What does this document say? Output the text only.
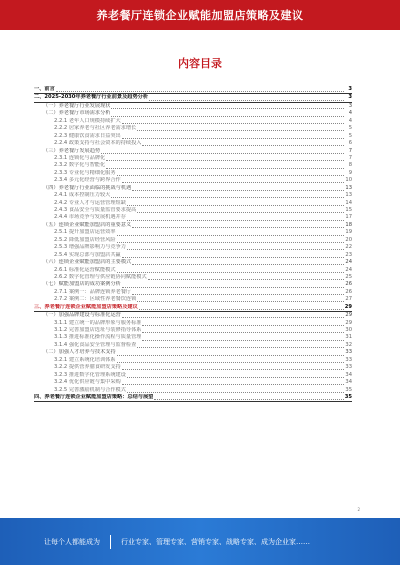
养老餐厅连锁企业赋能加盟店策略及建议
内容目录
一、前言	3
二、2025-2030年养老餐厅行业前景及趋势分析	3
（一）养老餐厅行业发展现状	3
（二）养老餐厅市场需求分析	4
2.2.1 老年人口规模持续扩大	4
2.2.2 居家养老与社区养老需求增长	5
2.2.3 健康饮食需求日益突出	5
2.2.4 政策支持与社会资本的持续投入	6
（三）养老餐厅发展趋势	7
2.3.1 连锁化与品牌化	7
2.3.2 数字化与智能化	8
2.3.3 专业化与精细化服务	9
2.3.4 多元化经营与跨界合作	10
（四）养老餐厅行业面临的挑战与机遇	13
2.4.1 成本控制压力较大	13
2.4.2 专业人才与运营管理短缺	14
2.4.3 食品安全与质量监管要求提高	15
2.4.4 市场竞争与发展机遇并存	17
（五）连锁企业赋能加盟店的重要意义	18
2.5.1 提升加盟店运营效率	19
2.5.2 降低加盟店经营风险	20
2.5.3 增强品牌影响力与竞争力	22
2.5.4 实现总部与加盟店共赢	23
（六）连锁企业赋能加盟店的主要模式	24
2.6.1 标准化运营赋能模式	24
2.6.2 数字化管理与供应链协同赋能模式	25
（七）赋能加盟店的成功案例分析	26
2.7.1 案例一：品牌连锁养老餐厅	26
2.7.2 案例二：区域性养老餐饮连锁	27
三、养老餐厅连锁企业赋能加盟店策略及建议	29
（一）加强品牌建设与标准化运营	29
3.1.1 建立统一的品牌形象与服务标准	29
3.1.2 完善加盟店选址与装修指导体系	30
3.1.3 推进标准化操作流程与质量管理	31
3.1.4 强化食品安全管理与监督检查	32
（二）加强人才培养与技术支持	33
3.2.1 建立系统化培训体系	33
3.2.2 提供营养膳食研发支持	33
3.2.3 推进数字化管理系统建设	34
3.2.4 优化供应链与集中采购	34
3.2.5 完善激励机制与合作模式	35
四、养老餐厅连锁企业赋能加盟店策略：总结与展望	35
2
让每个人都能成为	行业专家、管理专家、营销专家、战略专家、成为企业家……
